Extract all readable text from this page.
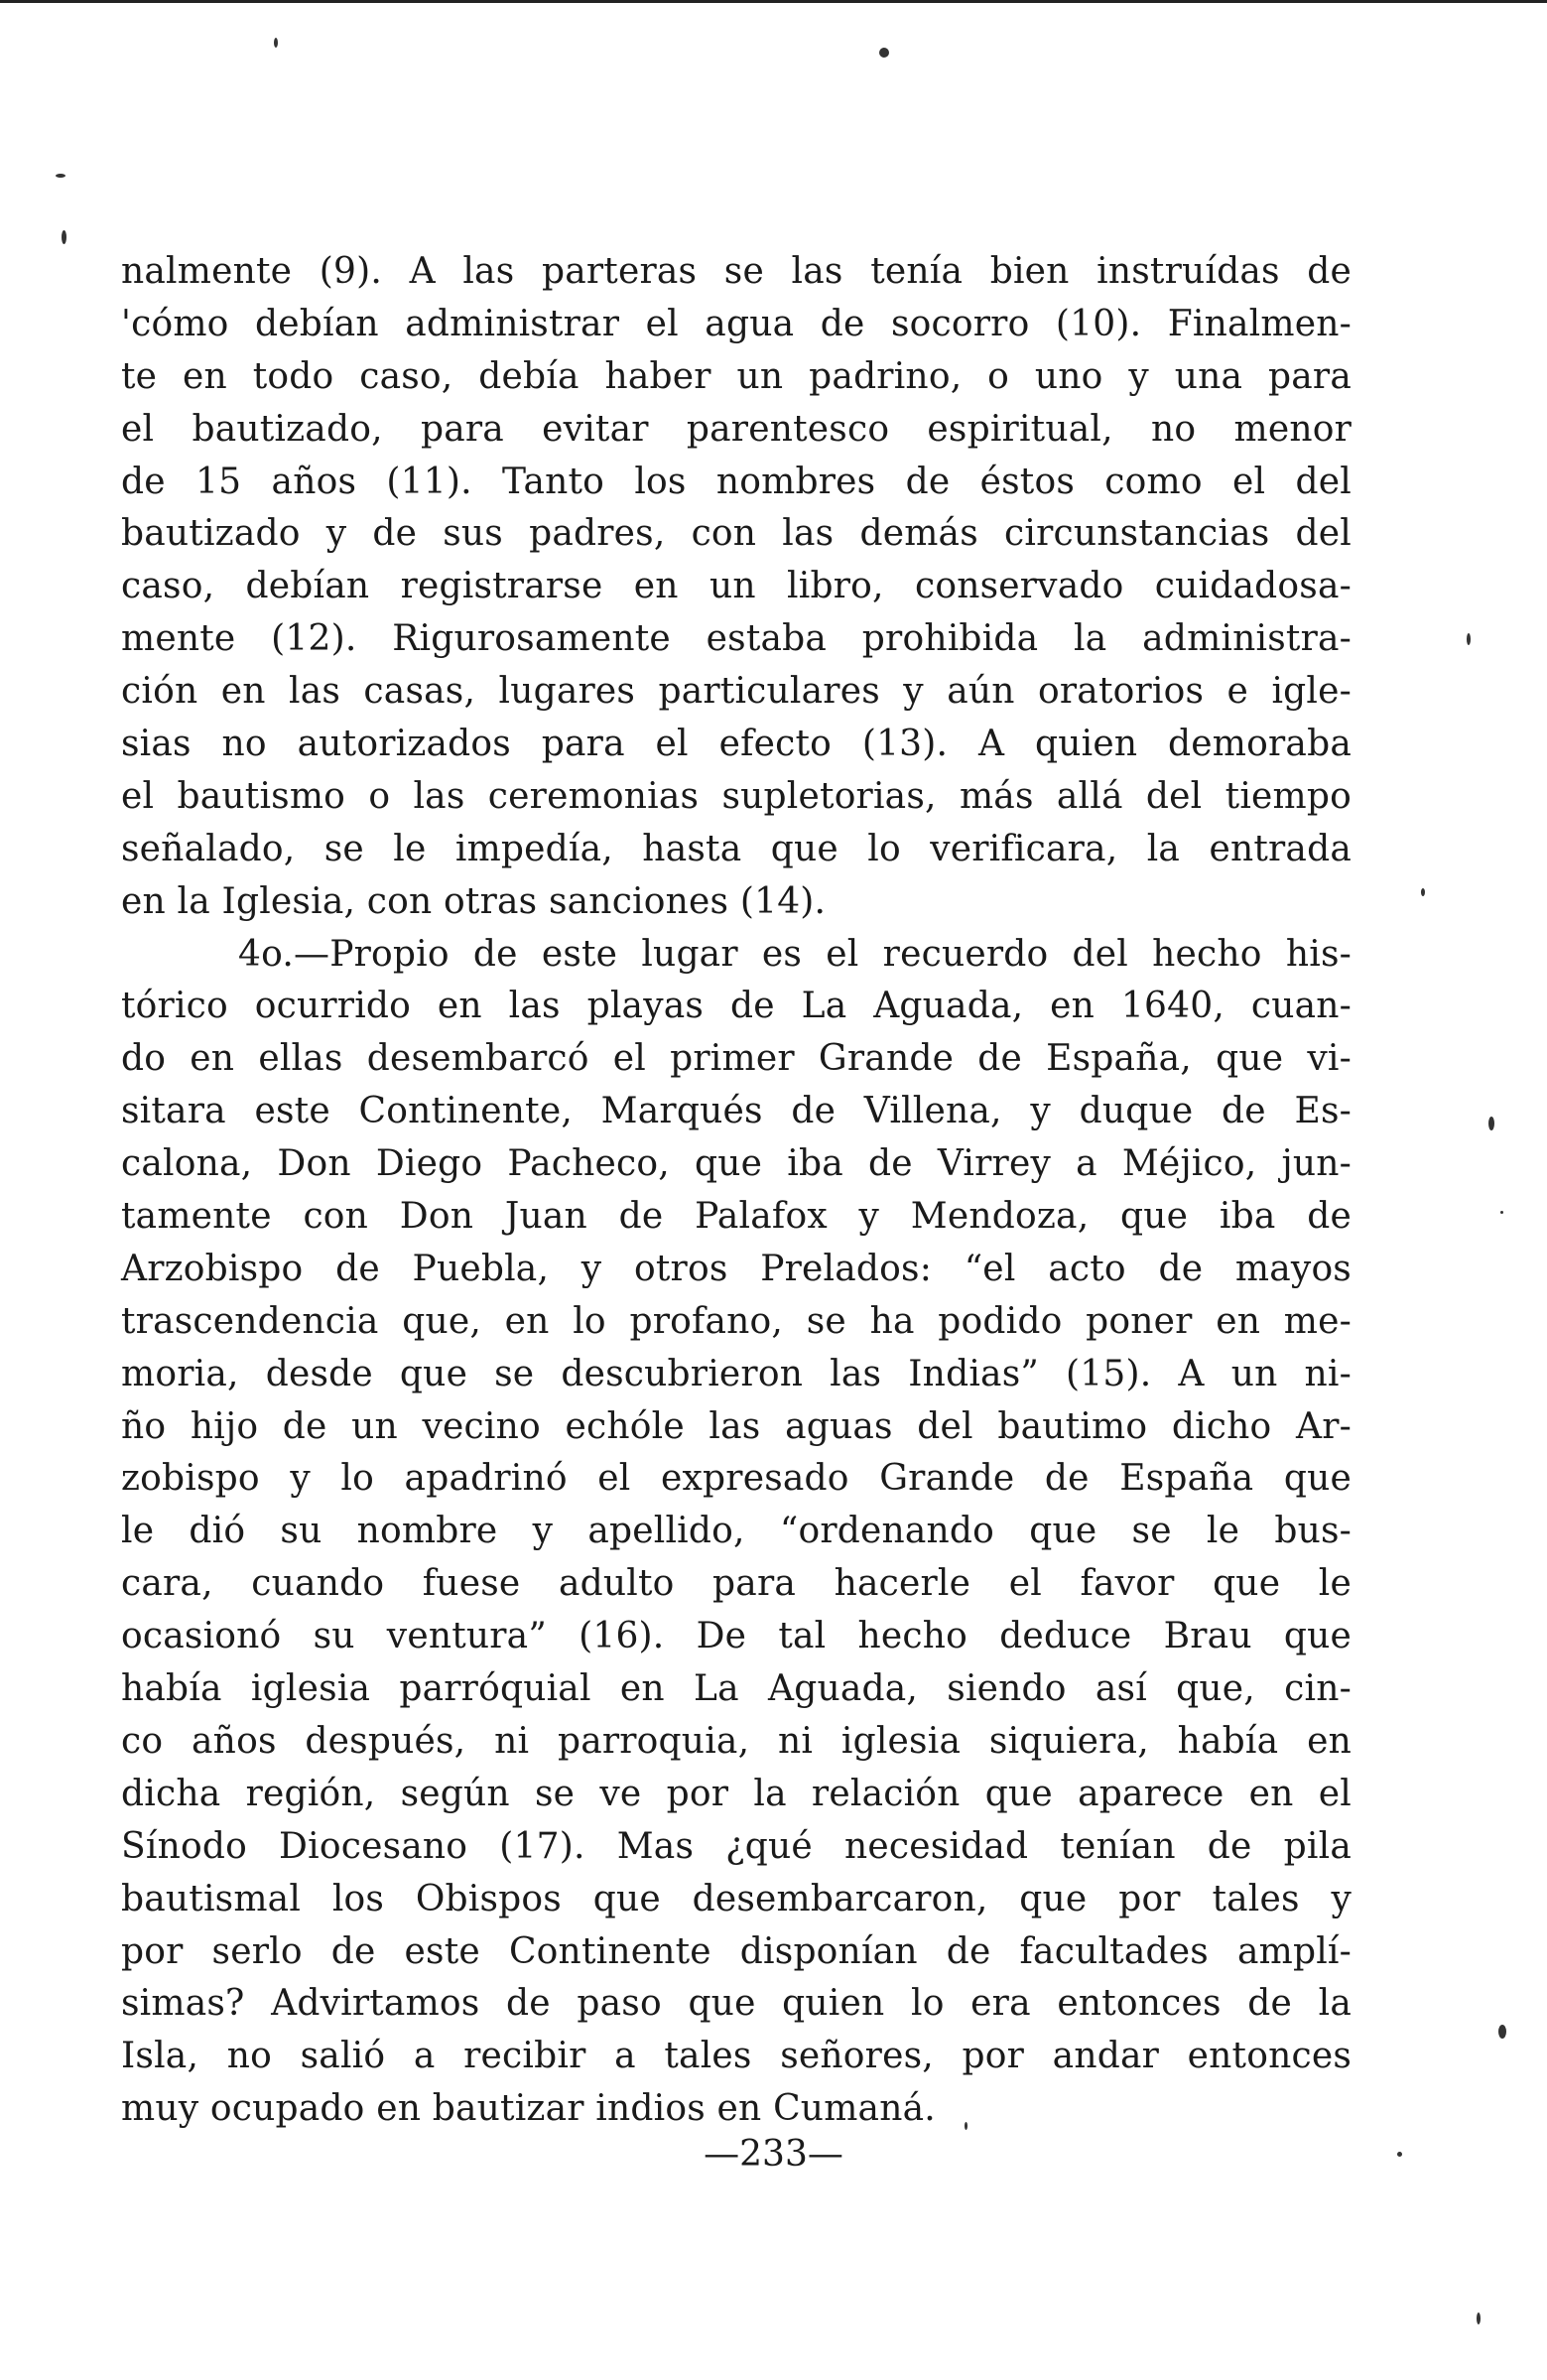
nalmente (9). A las parteras se las tenía bien instruídas de
'cómo debían administrar el agua de socorro (10). Finalmen-
te en todo caso, debía haber un padrino, o uno y una para
el bautizado, para evitar parentesco espiritual, no menor
de 15 años (11). Tanto los nombres de éstos como el del
bautizado y de sus padres, con las demás circunstancias del
caso, debían registrarse en un libro, conservado cuidadosa-
mente (12). Rigurosamente estaba prohibida la administra-
ción en las casas, lugares particulares y aún oratorios e igle-
sias no autorizados para el efecto (13). A quien demoraba
el bautismo o las ceremonias supletorias, más allá del tiempo
señalado, se le impedía, hasta que lo verificara, la entrada
en la Iglesia, con otras sanciones (14).
4o.—Propio de este lugar es el recuerdo del hecho his-
tórico ocurrido en las playas de La Aguada, en 1640, cuan-
do en ellas desembarcó el primer Grande de España, que vi-
sitara este Continente, Marqués de Villena, y duque de Es-
calona, Don Diego Pacheco, que iba de Virrey a Méjico, jun-
tamente con Don Juan de Palafox y Mendoza, que iba de
Arzobispo de Puebla, y otros Prelados: “el acto de mayos
trascendencia que, en lo profano, se ha podido poner en me-
moria, desde que se descubrieron las Indias” (15). A un ni-
ño hijo de un vecino echóle las aguas del bautimo dicho Ar-
zobispo y lo apadrinó el expresado Grande de España que
le dió su nombre y apellido, “ordenando que se le bus-
cara, cuando fuese adulto para hacerle el favor que le
ocasionó su ventura” (16). De tal hecho deduce Brau que
había iglesia parróquial en La Aguada, siendo así que, cin-
co años después, ni parroquia, ni iglesia siquiera, había en
dicha región, según se ve por la relación que aparece en el
Sínodo Diocesano (17). Mas ¿qué necesidad tenían de pila
bautismal los Obispos que desembarcaron, que por tales y
por serlo de este Continente disponían de facultades amplí-
simas? Advirtamos de paso que quien lo era entonces de la
Isla, no salió a recibir a tales señores, por andar entonces
muy ocupado en bautizar indios en Cumaná.
—233—
